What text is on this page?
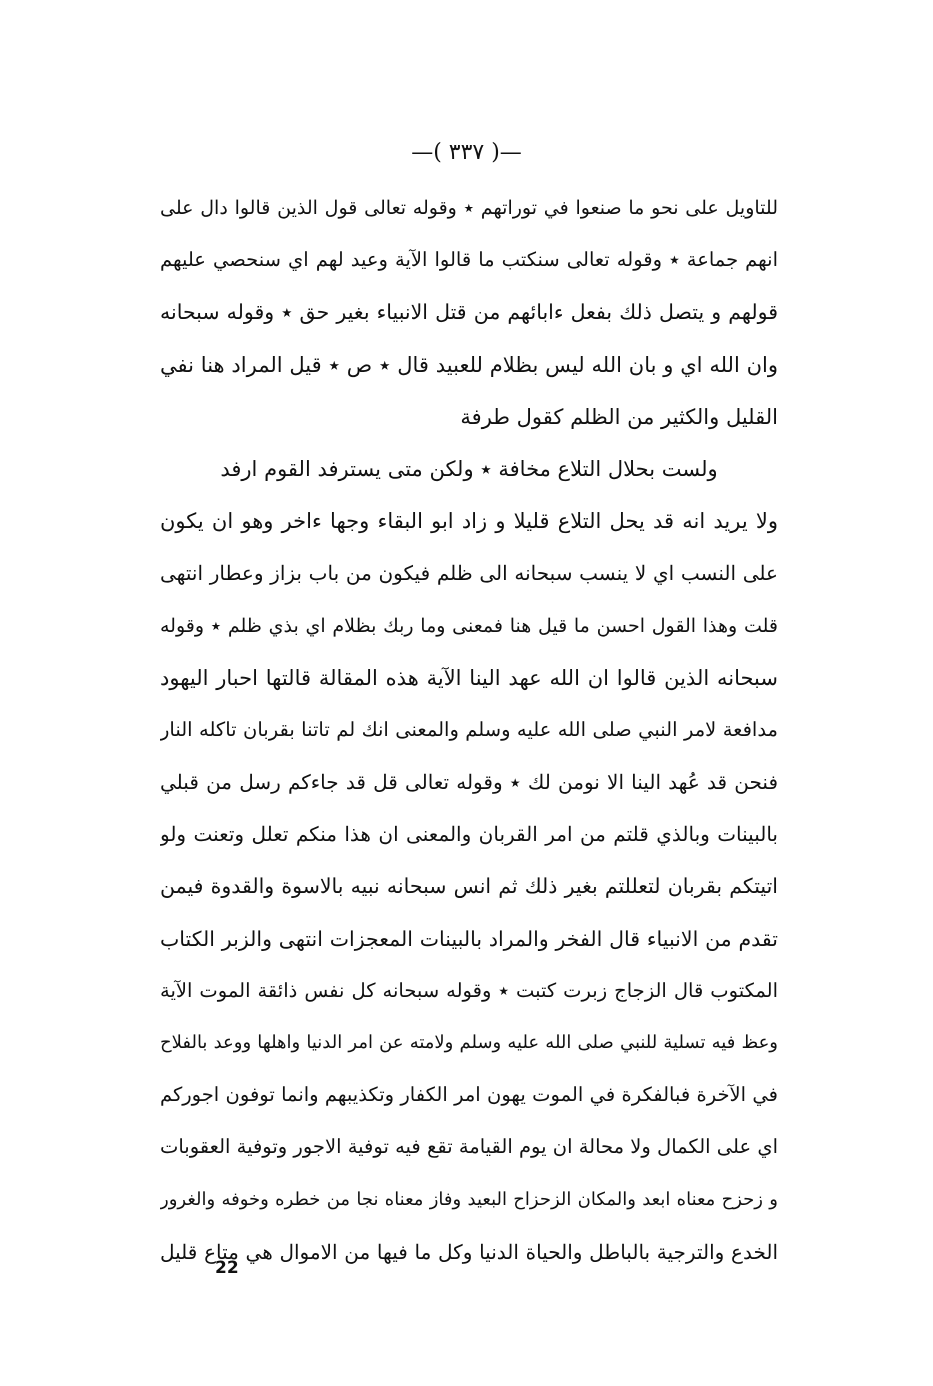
—( ٣٣٧ )—
للتاويل على نحو ما صنعوا في توراتهم ٭ وقوله تعالى قول الذين قالوا دال على
انهم جماعة ٭ وقوله تعالى سنكتب ما قالوا الآية وعيد لهم اي سنحصي عليهم
قولهم و يتصل ذلك بفعل ءابائهم من قتل الانبياء بغير حق ٭ وقوله سبحانه
وان الله اي و بان الله ليس بظلام للعبيد قال ٭ ص ٭ قيل المراد هنا نفي
القليل والكثير من الظلم كقول طرفة
ولست بحلال التلاع مخافة ٭ ولكن متى يسترفد القوم ارفد
ولا يريد انه قد يحل التلاع قليلا و زاد ابو البقاء وجها ءاخر وهو ان يكون
على النسب اي لا ينسب سبحانه الى ظلم فيكون من باب بزاز وعطار انتهى
قلت وهذا القول احسن ما قيل هنا فمعنى وما ربك بظلام اي بذي ظلم ٭ وقوله
سبحانه الذين قالوا ان الله عهد الينا الآية هذه المقالة قالتها احبار اليهود
مدافعة لامر النبي صلى الله عليه وسلم والمعنى انك لم تاتنا بقربان تاكله النار
فنحن قد عُهد الينا الا نومن لك ٭ وقوله تعالى قل قد جاءكم رسل من قبلي
بالبينات وبالذي قلتم من امر القربان والمعنى ان هذا منكم تعلل وتعنت ولو
اتيتكم بقربان لتعللتم بغير ذلك ثم انس سبحانه نبيه بالاسوة والقدوة فيمن
تقدم من الانبياء قال الفخر والمراد بالبينات المعجزات انتهى والزبر الكتاب
المكتوب قال الزجاج زبرت كتبت ٭ وقوله سبحانه كل نفس ذائقة الموت الآية
وعظ فيه تسلية للنبي صلى الله عليه وسلم ولامته عن امر الدنيا واهلها ووعد بالفلاح
في الآخرة فبالفكرة في الموت يهون امر الكفار وتكذيبهم وانما توفون اجوركم
اي على الكمال ولا محالة ان يوم القيامة تقع فيه توفية الاجور وتوفية العقوبات
و زحزح معناه ابعد والمكان الزحزاح البعيد وفاز معناه نجا من خطره وخوفه والغرور
الخدع والترجية بالباطل والحياة الدنيا وكل ما فيها من الاموال هي متاع قليل
22
